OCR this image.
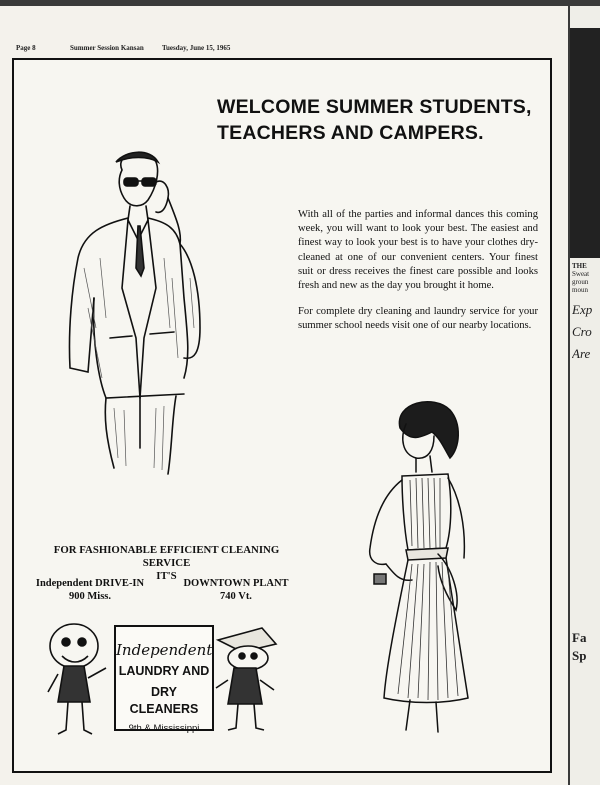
Page 8	Summer Session Kansan	Tuesday, June 15, 1965
WELCOME SUMMER STUDENTS,
TEACHERS AND CAMPERS.

With all of the parties and informal dances this coming week, you will want to look your best. The easiest and finest way to look your best is to have your clothes dry-cleaned at one of our convenient centers. Your finest suit or dress receives the finest care possible and looks fresh and new as the day you brought it home.

For complete dry cleaning and laundry service for your summer school needs visit one of our nearby locations.

FOR FASHIONABLE EFFICIENT CLEANING SERVICE
IT'S
Independent DRIVE-IN
900 Miss.
DOWNTOWN PLANT
740 Vt.
Independent
LAUNDRY AND
DRY CLEANERS
9th & Mississippi
THE
Sweat
groun
moun
Exp
Cro
Are
Fa
Sp
